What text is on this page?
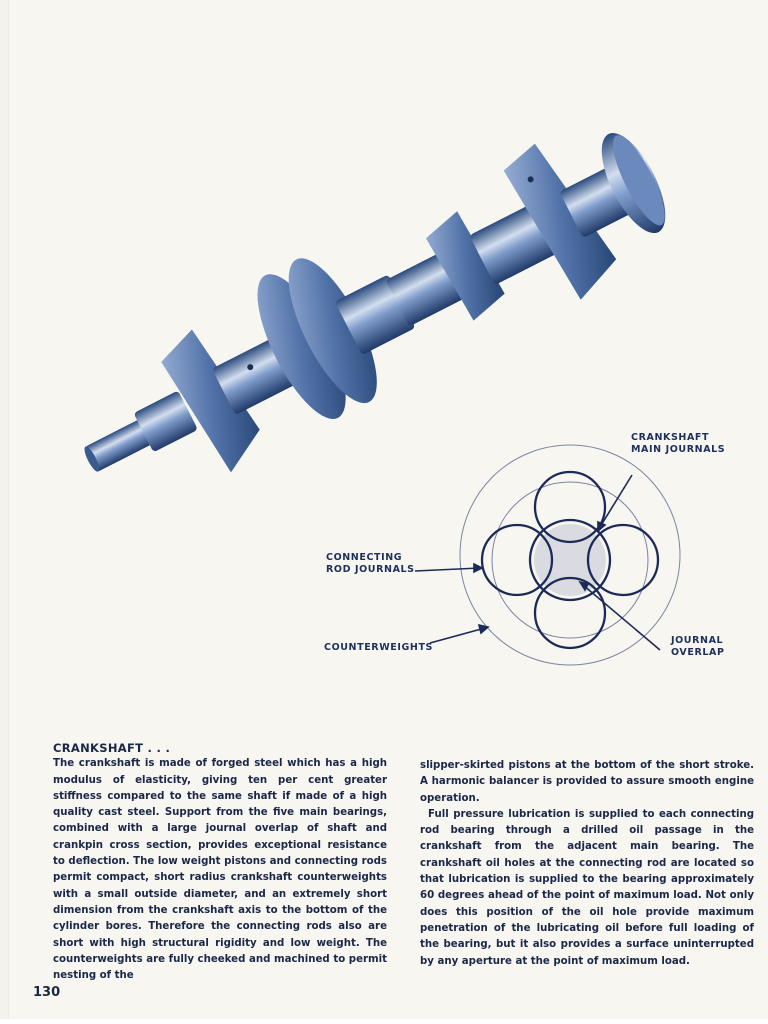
CRANKSHAFT
MAIN JOURNALS
CONNECTING
ROD JOURNALS
COUNTERWEIGHTS
JOURNAL
OVERLAP
CRANKSHAFT . . .

The crankshaft is made of forged steel which has a high modulus of elasticity, giving ten per cent greater stiffness compared to the same shaft if made of a high quality cast steel. Support from the five main bearings, combined with a large journal overlap of shaft and crankpin cross section, provides exceptional resistance to deflection. The low weight pistons and connecting rods permit compact, short radius crankshaft counterweights with a small outside diameter, and an extremely short dimension from the crankshaft axis to the bottom of the cylinder bores. Therefore the connecting rods also are short with high structural rigidity and low weight. The counterweights are fully cheeked and machined to permit nesting of the

slipper-skirted pistons at the bottom of the short stroke. A harmonic balancer is provided to assure smooth engine operation.

Full pressure lubrication is supplied to each connecting rod bearing through a drilled oil passage in the crankshaft from the adjacent main bearing. The crankshaft oil holes at the connecting rod are located so that lubrication is supplied to the bearing approximately 60 degrees ahead of the point of maximum load. Not only does this position of the oil hole provide maximum penetration of the lubricating oil before full loading of the bearing, but it also provides a surface uninterrupted by any aperture at the point of maximum load.

130
